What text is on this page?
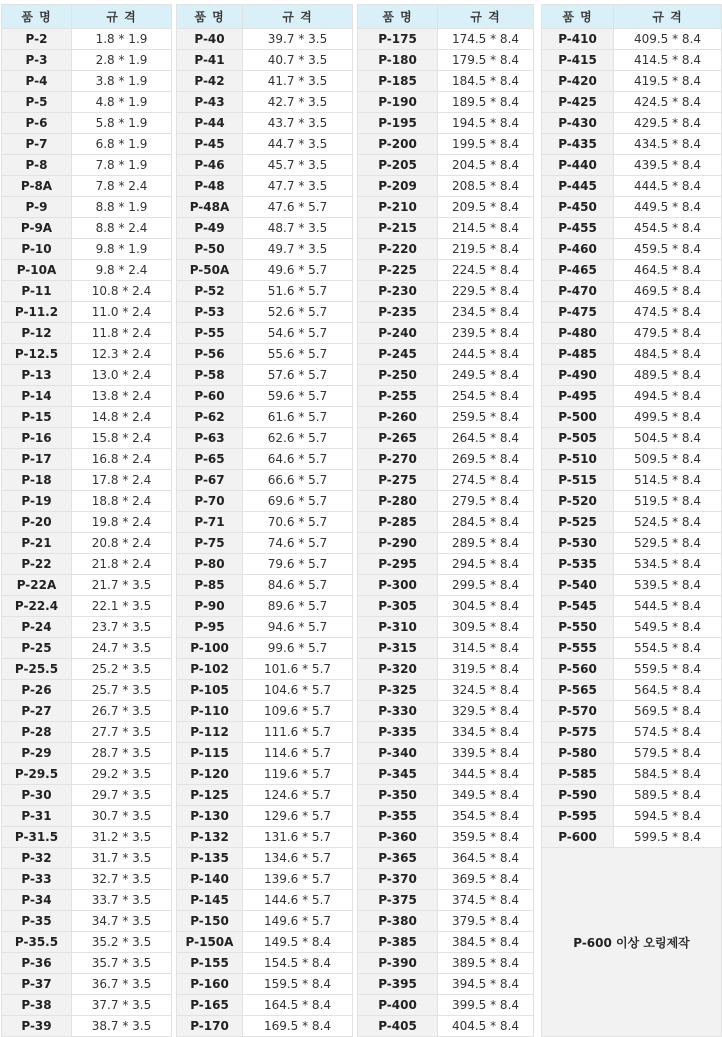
품 명	규 격
P-2	1.8 * 1.9
P-3	2.8 * 1.9
P-4	3.8 * 1.9
P-5	4.8 * 1.9
P-6	5.8 * 1.9
P-7	6.8 * 1.9
P-8	7.8 * 1.9
P-8A	7.8 * 2.4
P-9	8.8 * 1.9
P-9A	8.8 * 2.4
P-10	9.8 * 1.9
P-10A	9.8 * 2.4
P-11	10.8 * 2.4
P-11.2	11.0 * 2.4
P-12	11.8 * 2.4
P-12.5	12.3 * 2.4
P-13	13.0 * 2.4
P-14	13.8 * 2.4
P-15	14.8 * 2.4
P-16	15.8 * 2.4
P-17	16.8 * 2.4
P-18	17.8 * 2.4
P-19	18.8 * 2.4
P-20	19.8 * 2.4
P-21	20.8 * 2.4
P-22	21.8 * 2.4
P-22A	21.7 * 3.5
P-22.4	22.1 * 3.5
P-24	23.7 * 3.5
P-25	24.7 * 3.5
P-25.5	25.2 * 3.5
P-26	25.7 * 3.5
P-27	26.7 * 3.5
P-28	27.7 * 3.5
P-29	28.7 * 3.5
P-29.5	29.2 * 3.5
P-30	29.7 * 3.5
P-31	30.7 * 3.5
P-31.5	31.2 * 3.5
P-32	31.7 * 3.5
P-33	32.7 * 3.5
P-34	33.7 * 3.5
P-35	34.7 * 3.5
P-35.5	35.2 * 3.5
P-36	35.7 * 3.5
P-37	36.7 * 3.5
P-38	37.7 * 3.5
P-39	38.7 * 3.5
품 명	규 격
P-40	39.7 * 3.5
P-41	40.7 * 3.5
P-42	41.7 * 3.5
P-43	42.7 * 3.5
P-44	43.7 * 3.5
P-45	44.7 * 3.5
P-46	45.7 * 3.5
P-48	47.7 * 3.5
P-48A	47.6 * 5.7
P-49	48.7 * 3.5
P-50	49.7 * 3.5
P-50A	49.6 * 5.7
P-52	51.6 * 5.7
P-53	52.6 * 5.7
P-55	54.6 * 5.7
P-56	55.6 * 5.7
P-58	57.6 * 5.7
P-60	59.6 * 5.7
P-62	61.6 * 5.7
P-63	62.6 * 5.7
P-65	64.6 * 5.7
P-67	66.6 * 5.7
P-70	69.6 * 5.7
P-71	70.6 * 5.7
P-75	74.6 * 5.7
P-80	79.6 * 5.7
P-85	84.6 * 5.7
P-90	89.6 * 5.7
P-95	94.6 * 5.7
P-100	99.6 * 5.7
P-102	101.6 * 5.7
P-105	104.6 * 5.7
P-110	109.6 * 5.7
P-112	111.6 * 5.7
P-115	114.6 * 5.7
P-120	119.6 * 5.7
P-125	124.6 * 5.7
P-130	129.6 * 5.7
P-132	131.6 * 5.7
P-135	134.6 * 5.7
P-140	139.6 * 5.7
P-145	144.6 * 5.7
P-150	149.6 * 5.7
P-150A	149.5 * 8.4
P-155	154.5 * 8.4
P-160	159.5 * 8.4
P-165	164.5 * 8.4
P-170	169.5 * 8.4
품 명	규 격
P-175	174.5 * 8.4
P-180	179.5 * 8.4
P-185	184.5 * 8.4
P-190	189.5 * 8.4
P-195	194.5 * 8.4
P-200	199.5 * 8.4
P-205	204.5 * 8.4
P-209	208.5 * 8.4
P-210	209.5 * 8.4
P-215	214.5 * 8.4
P-220	219.5 * 8.4
P-225	224.5 * 8.4
P-230	229.5 * 8.4
P-235	234.5 * 8.4
P-240	239.5 * 8.4
P-245	244.5 * 8.4
P-250	249.5 * 8.4
P-255	254.5 * 8.4
P-260	259.5 * 8.4
P-265	264.5 * 8.4
P-270	269.5 * 8.4
P-275	274.5 * 8.4
P-280	279.5 * 8.4
P-285	284.5 * 8.4
P-290	289.5 * 8.4
P-295	294.5 * 8.4
P-300	299.5 * 8.4
P-305	304.5 * 8.4
P-310	309.5 * 8.4
P-315	314.5 * 8.4
P-320	319.5 * 8.4
P-325	324.5 * 8.4
P-330	329.5 * 8.4
P-335	334.5 * 8.4
P-340	339.5 * 8.4
P-345	344.5 * 8.4
P-350	349.5 * 8.4
P-355	354.5 * 8.4
P-360	359.5 * 8.4
P-365	364.5 * 8.4
P-370	369.5 * 8.4
P-375	374.5 * 8.4
P-380	379.5 * 8.4
P-385	384.5 * 8.4
P-390	389.5 * 8.4
P-395	394.5 * 8.4
P-400	399.5 * 8.4
P-405	404.5 * 8.4
품 명	규 격
P-410	409.5 * 8.4
P-415	414.5 * 8.4
P-420	419.5 * 8.4
P-425	424.5 * 8.4
P-430	429.5 * 8.4
P-435	434.5 * 8.4
P-440	439.5 * 8.4
P-445	444.5 * 8.4
P-450	449.5 * 8.4
P-455	454.5 * 8.4
P-460	459.5 * 8.4
P-465	464.5 * 8.4
P-470	469.5 * 8.4
P-475	474.5 * 8.4
P-480	479.5 * 8.4
P-485	484.5 * 8.4
P-490	489.5 * 8.4
P-495	494.5 * 8.4
P-500	499.5 * 8.4
P-505	504.5 * 8.4
P-510	509.5 * 8.4
P-515	514.5 * 8.4
P-520	519.5 * 8.4
P-525	524.5 * 8.4
P-530	529.5 * 8.4
P-535	534.5 * 8.4
P-540	539.5 * 8.4
P-545	544.5 * 8.4
P-550	549.5 * 8.4
P-555	554.5 * 8.4
P-560	559.5 * 8.4
P-565	564.5 * 8.4
P-570	569.5 * 8.4
P-575	574.5 * 8.4
P-580	579.5 * 8.4
P-585	584.5 * 8.4
P-590	589.5 * 8.4
P-595	594.5 * 8.4
P-600	599.5 * 8.4
P-600 이상 오링제작	
